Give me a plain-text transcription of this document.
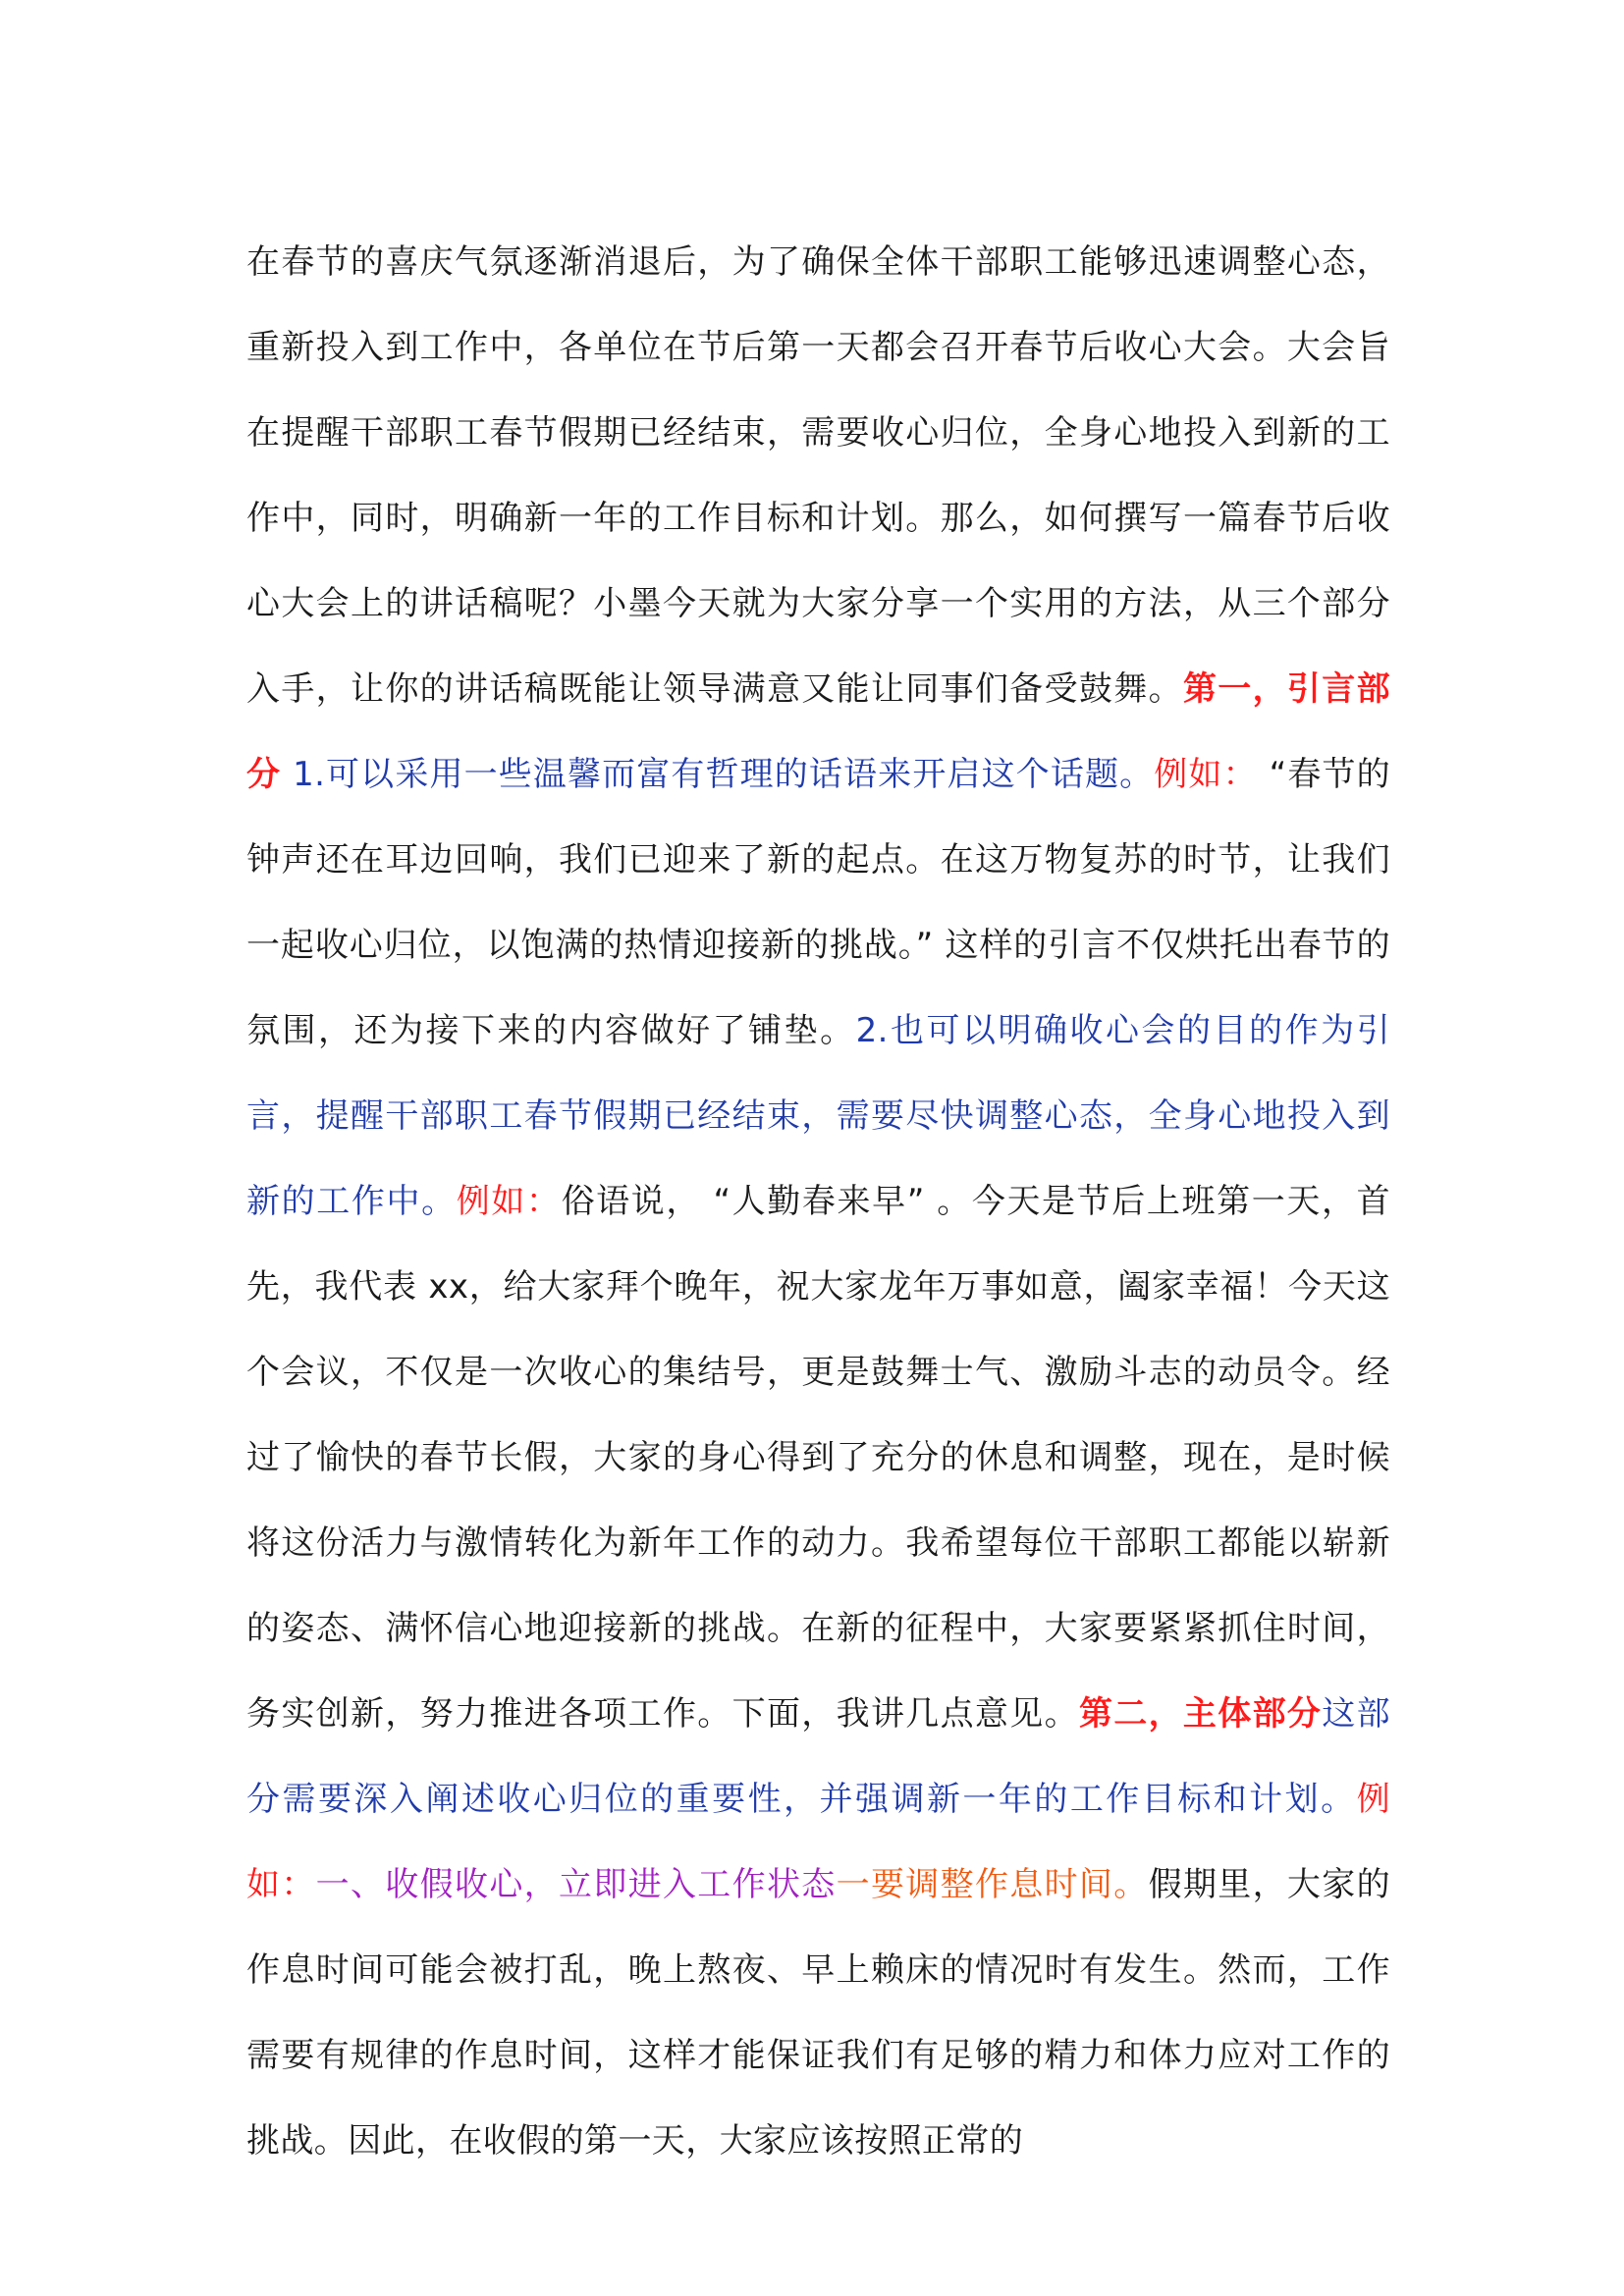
在春节的喜庆气氛逐渐消退后，为了确保全体干部职工能够迅速调整心态，重新投入到工作中，各单位在节后第一天都会召开春节后收心大会。大会旨在提醒干部职工春节假期已经结束，需要收心归位，全身心地投入到新的工作中，同时，明确新一年的工作目标和计划。那么，如何撰写一篇春节后收心大会上的讲话稿呢？小墨今天就为大家分享一个实用的方法，从三个部分入手，让你的讲话稿既能让领导满意又能让同事们备受鼓舞。第一，引言部分 1.可以采用一些温馨而富有哲理的话语来开启这个话题。例如： “春节的钟声还在耳边回响，我们已迎来了新的起点。在这万物复苏的时节，让我们一起收心归位，以饱满的热情迎接新的挑战。” 这样的引言不仅烘托出春节的氛围，还为接下来的内容做好了铺垫。2.也可以明确收心会的目的作为引言，提醒干部职工春节假期已经结束，需要尽快调整心态，全身心地投入到新的工作中。例如：俗语说， “人勤春来早” 。今天是节后上班第一天，首先，我代表 xx，给大家拜个晚年，祝大家龙年万事如意，阖家幸福！今天这个会议，不仅是一次收心的集结号，更是鼓舞士气、激励斗志的动员令。经过了愉快的春节长假，大家的身心得到了充分的休息和调整，现在，是时候将这份活力与激情转化为新年工作的动力。我希望每位干部职工都能以崭新的姿态、满怀信心地迎接新的挑战。在新的征程中，大家要紧紧抓住时间，务实创新，努力推进各项工作。下面，我讲几点意见。第二，主体部分这部分需要深入阐述收心归位的重要性，并强调新一年的工作目标和计划。例如：一、收假收心，立即进入工作状态一要调整作息时间。假期里，大家的作息时间可能会被打乱，晚上熬夜、早上赖床的情况时有发生。然而，工作需要有规律的作息时间，这样才能保证我们有足够的精力和体力应对工作的挑战。因此，在收假的第一天，大家应该按照正常的
